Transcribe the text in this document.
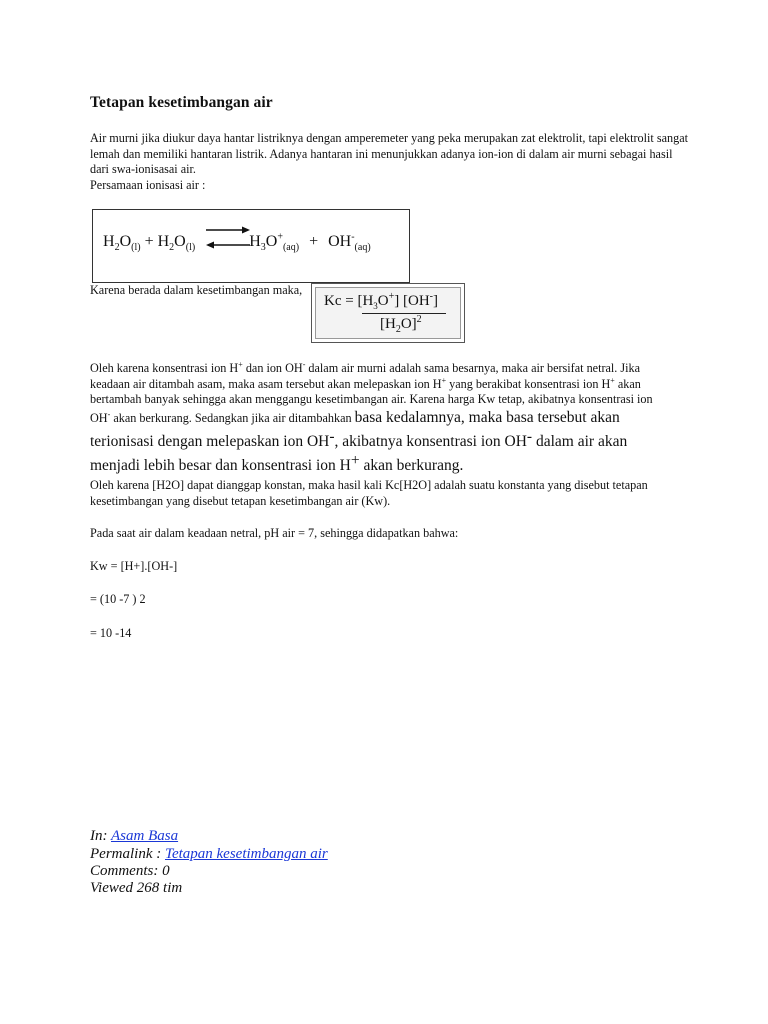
Tetapan kesetimbangan air

Air murni jika diukur daya hantar listriknya dengan amperemeter yang peka merupakan zat elektrolit, tapi elektrolit sangat lemah dan memiliki hantaran listrik. Adanya hantaran ini menunjukkan adanya ion-ion di dalam air murni sebagai hasil dari swa-ionisasai air.

Persamaan ionisasi air :

$H_2O_{(l)} + H_2O_{(l)}$	$H_3O^+_{(aq)} + OH^-_{(aq)}$

Karena berada dalam kesetimbangan maka,

$Kc = [H_3O^+]$ [OH-]
$[H_2O]^2$

Oleh karena konsentrasi ion H+ dan ion OH- dalam air murni adalah sama besarnya, maka air bersifat netral. Jika keadaan air ditambah asam, maka asam tersebut akan melepaskan ion H+ yang berakibat konsentrasi ion H+ akan bertambah banyak sehingga akan menggangu kesetimbangan air. Karena harga Kw tetap, akibatnya konsentrasi ion OH- akan berkurang. Sedangkan jika air ditambahkan basa kedalamnya, maka basa tersebut akan terionisasi dengan melepaskan ion OH-, akibatnya konsentrasi ion OH- dalam air akan menjadi lebih besar dan konsentrasi ion H+ akan berkurang.

Oleh karena [H2O] dapat dianggap konstan, maka hasil kali Kc[H2O] adalah suatu konstanta yang disebut tetapan kesetimbangan yang disebut tetapan kesetimbangan air (Kw).

Pada saat air dalam keadaan netral, pH air = 7, sehingga didapatkan bahwa:

Kw = [H+].[OH-]

= (10 -7 ) 2

= 10 -14

In: Asam Basa

Permalink : Tetapan kesetimbangan air

Comments: 0

Viewed 268 tim
